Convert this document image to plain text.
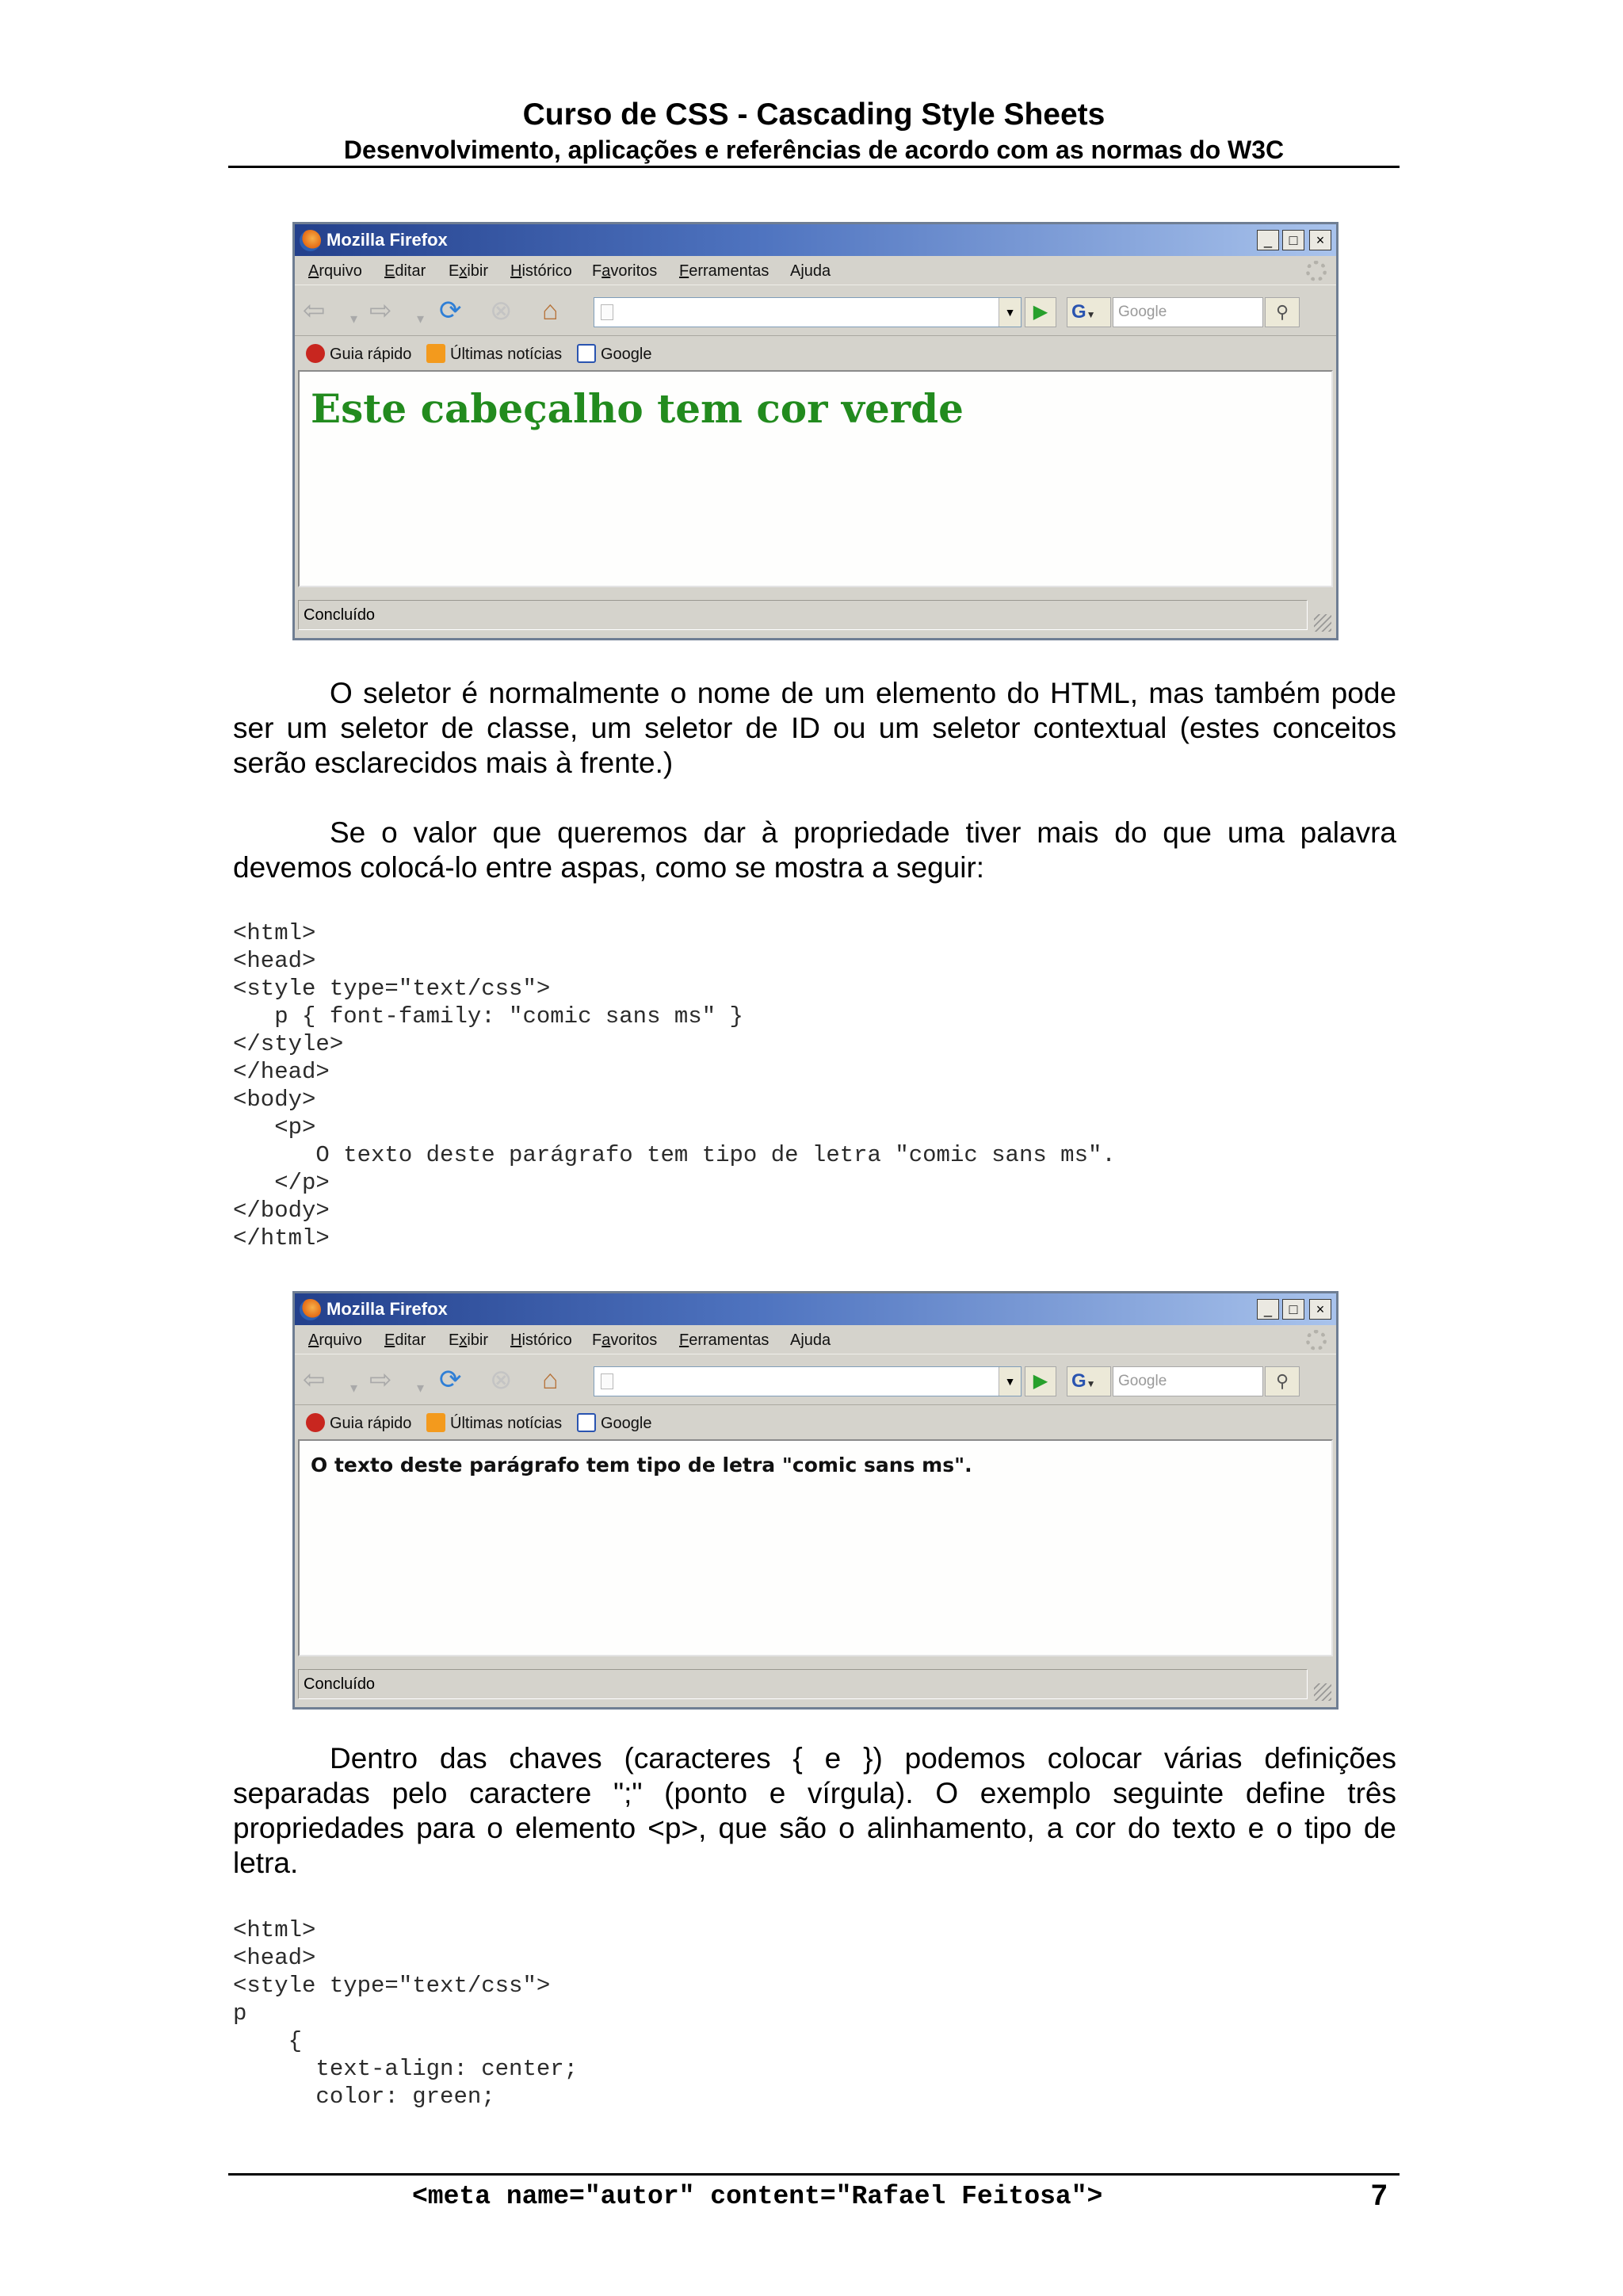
Curso de CSS - Cascading Style Sheets
Desenvolvimento, aplicações e referências de acordo com as normas do W3C
Mozilla Firefox	_	□	×
Arquivo Editar Exibir Histórico Favoritos Ferramentas Ajuda
⇦ ▾ ⇨ ▾ ⟳ ⊗ ⌂	▼ ▶	G▼	Google	⚲
Guia rápido	Últimas notícias	Google
Este cabeçalho tem cor verde
Concluído
O seletor é normalmente o nome de um elemento do HTML, mas também pode ser um seletor de classe, um seletor de ID ou um seletor contextual (estes conceitos serão esclarecidos mais à frente.)
Se o valor que queremos dar à propriedade tiver mais do que uma palavra devemos colocá-lo entre aspas, como se mostra a seguir:
<html>
<head>
<style type="text/css">
p { font-family: "comic sans ms" }
</style>
</head>
<body>
<p>
O texto deste parágrafo tem tipo de letra "comic sans ms".
</p>
</body>
</html>
Mozilla Firefox	_	□	×
Arquivo Editar Exibir Histórico Favoritos Ferramentas Ajuda
⇦ ▾ ⇨ ▾ ⟳ ⊗ ⌂	▼ ▶	G▼	Google	⚲
Guia rápido	Últimas notícias	Google
O texto deste parágrafo tem tipo de letra "comic sans ms".
Concluído
Dentro das chaves (caracteres { e }) podemos colocar várias definições separadas pelo caractere ";" (ponto e vírgula). O exemplo seguinte define três propriedades para o elemento <p>, que são o alinhamento, a cor do texto e o tipo de letra.
<html>
<head>
<style type="text/css">
p
{
text-align: center;
color: green;
<meta name="autor" content="Rafael Feitosa">	7
